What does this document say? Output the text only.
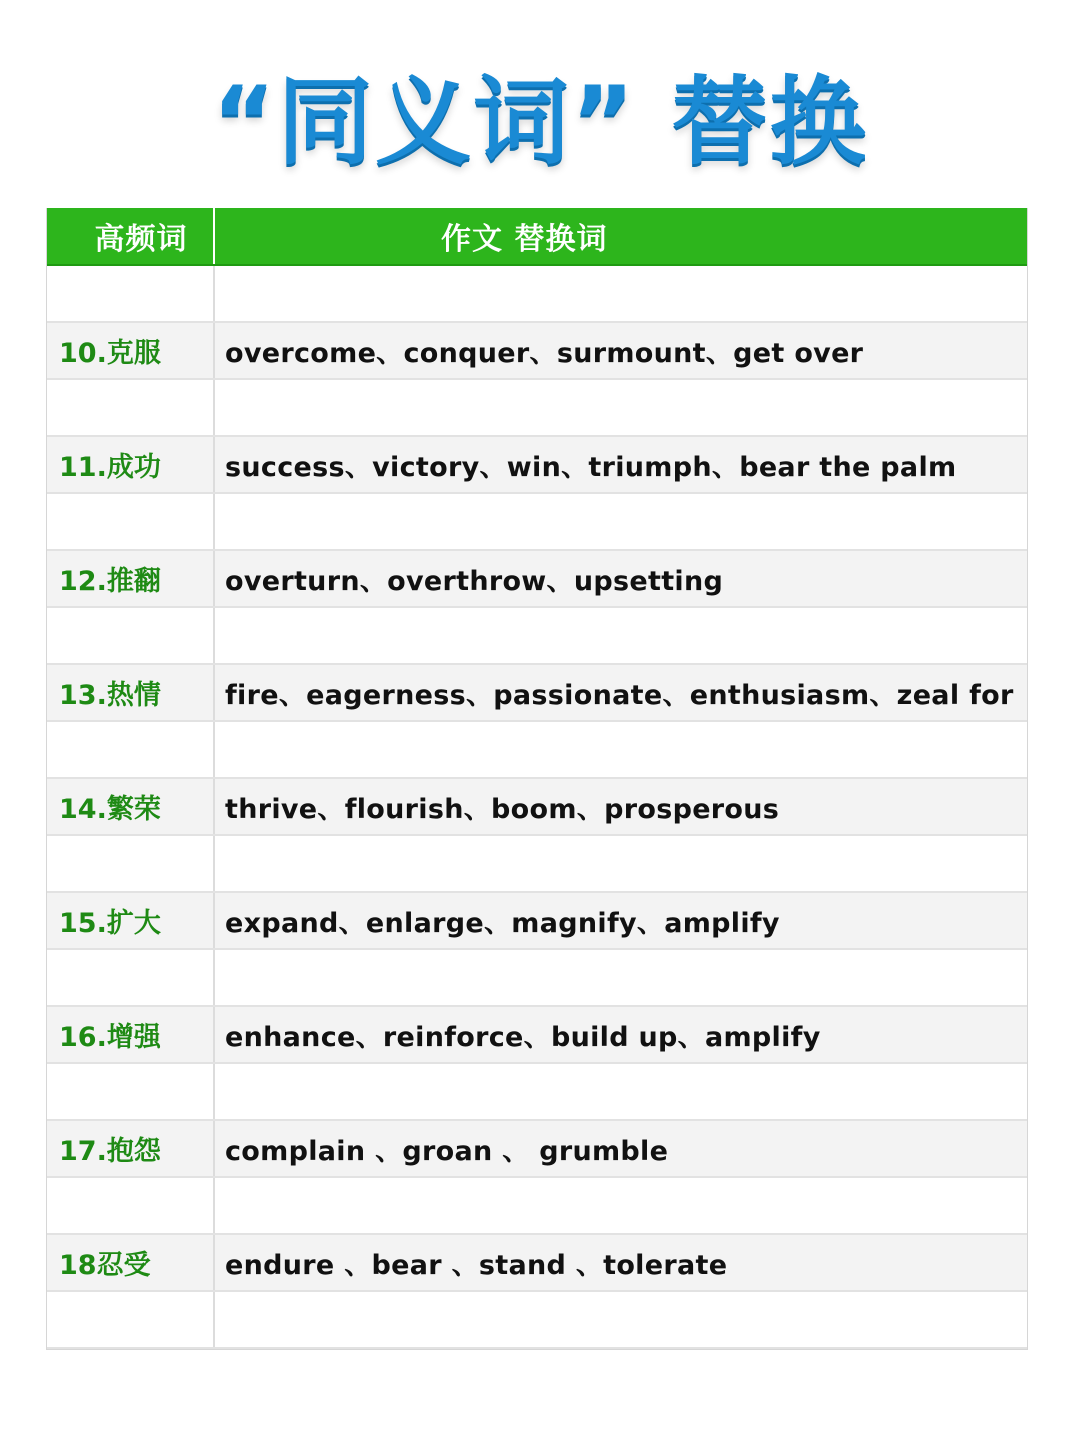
“同义词” 替换
高频词	作文 替换词
10.克服 overcome、conquer、surmount、get over
11.成功 success、victory、win、triumph、bear the palm
12.推翻 overturn、overthrow、upsetting
13.热情 fire、eagerness、passionate、enthusiasm、zeal for
14.繁荣 thrive、flourish、boom、prosperous
15.扩大 expand、enlarge、magnify、amplify
16.增强 enhance、reinforce、build up、amplify
17.抱怨 complain 、groan 、 grumble
18忍受	endure 、bear 、stand 、tolerate
